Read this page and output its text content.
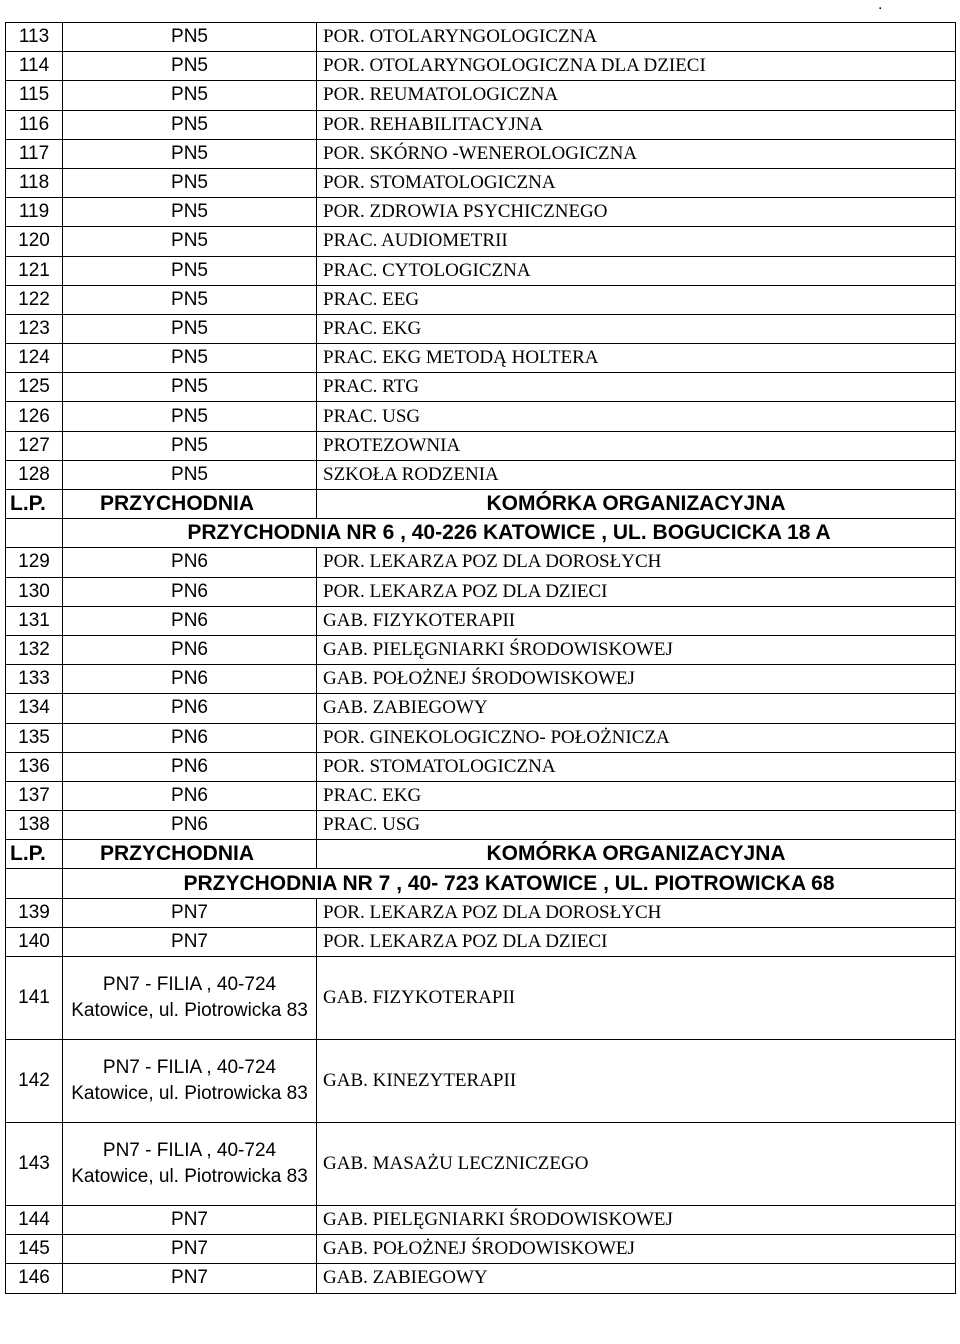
.
113	PN5	POR. OTOLARYNGOLOGICZNA
114	PN5	POR. OTOLARYNGOLOGICZNA DLA DZIECI
115	PN5	POR. REUMATOLOGICZNA
116	PN5	POR. REHABILITACYJNA
117	PN5	POR. SKÓRNO -WENEROLOGICZNA
118	PN5	POR. STOMATOLOGICZNA
119	PN5	POR. ZDROWIA PSYCHICZNEGO
120	PN5	PRAC. AUDIOMETRII
121	PN5	PRAC. CYTOLOGICZNA
122	PN5	PRAC. EEG
123	PN5	PRAC. EKG
124	PN5	PRAC. EKG METODĄ HOLTERA
125	PN5	PRAC. RTG
126	PN5	PRAC. USG
127	PN5	PROTEZOWNIA
128	PN5	SZKOŁA RODZENIA
L.P.	PRZYCHODNIA	KOMÓRKA ORGANIZACYJNA
	PRZYCHODNIA NR 6 , 40-226 KATOWICE , UL. BOGUCICKA 18 A	
129	PN6	POR. LEKARZA POZ DLA DOROSŁYCH
130	PN6	POR. LEKARZA POZ DLA DZIECI
131	PN6	GAB. FIZYKOTERAPII
132	PN6	GAB. PIELĘGNIARKI ŚRODOWISKOWEJ
133	PN6	GAB. POŁOŻNEJ ŚRODOWISKOWEJ
134	PN6	GAB. ZABIEGOWY
135	PN6	POR. GINEKOLOGICZNO- POŁOŻNICZA
136	PN6	POR. STOMATOLOGICZNA
137	PN6	PRAC. EKG
138	PN6	PRAC. USG
L.P.	PRZYCHODNIA	KOMÓRKA ORGANIZACYJNA
	PRZYCHODNIA NR 7 , 40- 723 KATOWICE , UL. PIOTROWICKA 68	
139	PN7	POR. LEKARZA POZ DLA DOROSŁYCH
140	PN7	POR. LEKARZA POZ DLA DZIECI
141	PN7 - FILIA , 40-724 Katowice, ul. Piotrowicka 83	GAB. FIZYKOTERAPII
142	PN7 - FILIA , 40-724 Katowice, ul. Piotrowicka 83	GAB. KINEZYTERAPII
143	PN7 - FILIA , 40-724 Katowice, ul. Piotrowicka 83	GAB. MASAŻU LECZNICZEGO
144	PN7	GAB. PIELĘGNIARKI ŚRODOWISKOWEJ
145	PN7	GAB. POŁOŻNEJ ŚRODOWISKOWEJ
146	PN7	GAB. ZABIEGOWY
